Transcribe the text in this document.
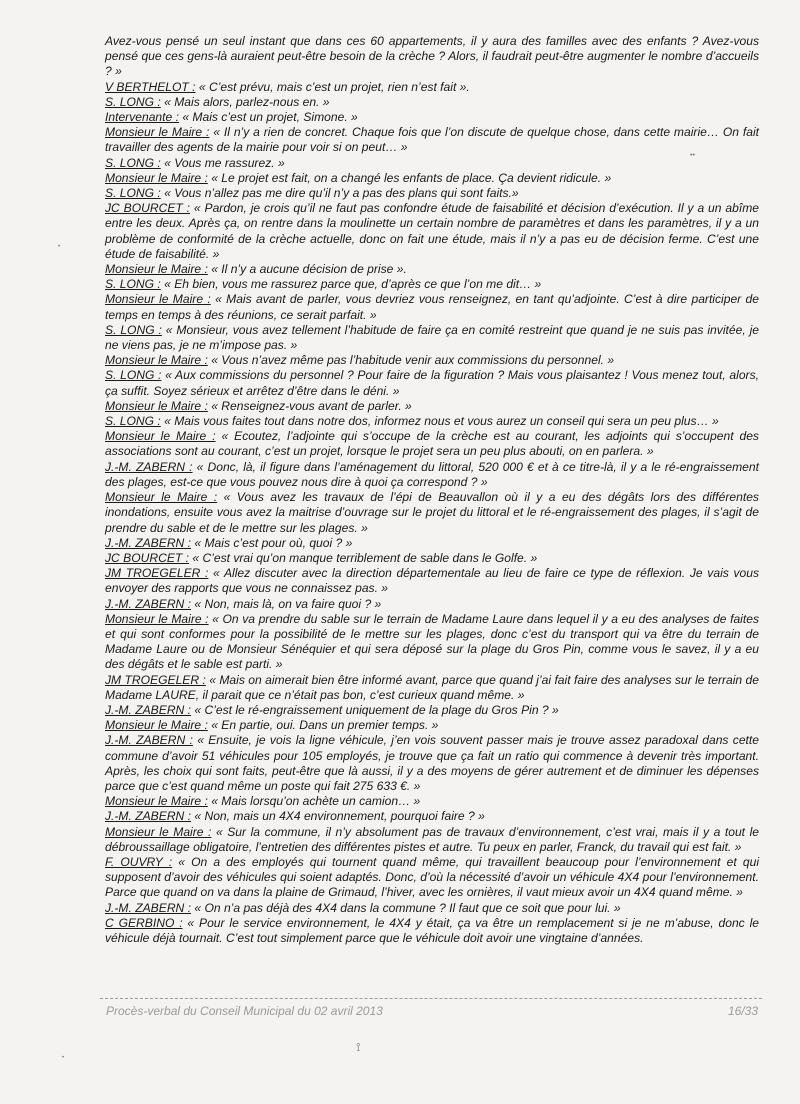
Avez-vous pensé un seul instant que dans ces 60 appartements, il y aura des familles avec des enfants ? Avez-vous pensé que ces gens-là auraient peut-être besoin de la crèche ? Alors, il faudrait peut-être augmenter le nombre d’accueils ? »

V BERTHELOT : « C’est prévu, mais c’est un projet, rien n’est fait ».

S. LONG : « Mais alors, parlez-nous en. »

Intervenante : « Mais c’est un projet, Simone. »

Monsieur le Maire : « Il n’y a rien de concret. Chaque fois que l’on discute de quelque chose, dans cette mairie… On fait travailler des agents de la mairie pour voir si on peut… »

S. LONG : « Vous me rassurez. »

Monsieur le Maire : « Le projet est fait, on a changé les enfants de place. Ça devient ridicule. »

S. LONG : « Vous n’allez pas me dire qu’il n’y a pas des plans qui sont faits.»

JC BOURCET : « Pardon, je crois qu’il ne faut pas confondre étude de faisabilité et décision d’exécution. Il y a un abîme entre les deux. Après ça, on rentre dans la moulinette un certain nombre de paramètres et dans les paramètres, il y a un problème de conformité de la crèche actuelle, donc on fait une étude, mais il n’y a pas eu de décision ferme. C’est une étude de faisabilité. »

Monsieur le Maire : « Il n’y a aucune décision de prise ».

S. LONG : « Eh bien, vous me rassurez parce que, d’après ce que l’on me dit… »

Monsieur le Maire : « Mais avant de parler, vous devriez vous renseignez, en tant qu’adjointe. C’est à dire participer de temps en temps à des réunions, ce serait parfait. »

S. LONG : « Monsieur, vous avez tellement l’habitude de faire ça en comité restreint que quand je ne suis pas invitée, je ne viens pas, je ne m’impose pas. »

Monsieur le Maire : « Vous n’avez même pas l’habitude venir aux commissions du personnel. »

S. LONG : « Aux commissions du personnel ? Pour faire de la figuration ? Mais vous plaisantez ! Vous menez tout, alors, ça suffit. Soyez sérieux et arrêtez d’être dans le déni. »

Monsieur le Maire : « Renseignez-vous avant de parler. »

S. LONG : « Mais vous faites tout dans notre dos, informez nous et vous aurez un conseil qui sera un peu plus… »

Monsieur le Maire : « Ecoutez, l’adjointe qui s’occupe de la crèche est au courant, les adjoints qui s’occupent des associations sont au courant, c’est un projet, lorsque le projet sera un peu plus abouti, on en parlera. »

J.-M. ZABERN : « Donc, là, il figure dans l’aménagement du littoral, 520 000 € et à ce titre-là, il y a le ré-engraissement des plages, est-ce que vous pouvez nous dire à quoi ça correspond ? »

Monsieur le Maire : « Vous avez les travaux de l’épi de Beauvallon où il y a eu des dégâts lors des différentes inondations, ensuite vous avez la maitrise d’ouvrage sur le projet du littoral et le ré-engraissement des plages, il s’agit de prendre du sable et de le mettre sur les plages. »

J.-M. ZABERN : « Mais c’est pour où, quoi ? »

JC BOURCET : « C’est vrai qu’on manque terriblement de sable dans le Golfe. »

JM TROEGELER : « Allez discuter avec la direction départementale au lieu de faire ce type de réflexion. Je vais vous envoyer des rapports que vous ne connaissez pas. »

J.-M. ZABERN : « Non, mais là, on va faire quoi ? »

Monsieur le Maire : « On va prendre du sable sur le terrain de Madame Laure dans lequel il y a eu des analyses de faites et qui sont conformes pour la possibilité de le mettre sur les plages, donc c’est du transport qui va être du terrain de Madame Laure ou de Monsieur Sénéquier et qui sera déposé sur la plage du Gros Pin, comme vous le savez, il y a eu des dégâts et le sable est parti. »

JM TROEGELER : « Mais on aimerait bien être informé avant, parce que quand j’ai fait faire des analyses sur le terrain de Madame LAURE, il parait que ce n’était pas bon, c’est curieux quand même. »

J.-M. ZABERN : « C’est le ré-engraissement uniquement de la plage du Gros Pin ? »

Monsieur le Maire : « En partie, oui. Dans un premier temps. »

J.-M. ZABERN : « Ensuite, je vois la ligne véhicule, j’en vois souvent passer mais je trouve assez paradoxal dans cette commune d’avoir 51 véhicules pour 105 employés, je trouve que ça fait un ratio qui commence à devenir très important. Après, les choix qui sont faits, peut-être que là aussi, il y a des moyens de gérer autrement et de diminuer les dépenses parce que c’est quand même un poste qui fait 275 633 €. »

Monsieur le Maire : « Mais lorsqu’on achète un camion… »

J.-M. ZABERN : « Non, mais un 4X4 environnement, pourquoi faire ? »

Monsieur le Maire : « Sur la commune, il n’y absolument pas de travaux d’environnement, c’est vrai, mais il y a tout le débroussaillage obligatoire, l’entretien des différentes pistes et autre. Tu peux en parler, Franck, du travail qui est fait. »

F. OUVRY : « On a des employés qui tournent quand même, qui travaillent beaucoup pour l’environnement et qui supposent d’avoir des véhicules qui soient adaptés. Donc, d’où la nécessité d’avoir un véhicule 4X4 pour l’environnement. Parce que quand on va dans la plaine de Grimaud, l’hiver, avec les ornières, il vaut mieux avoir un 4X4 quand même. »

J.-M. ZABERN : « On n’a pas déjà des 4X4 dans la commune ? Il faut que ce soit que pour lui. »

C GERBINO : « Pour le service environnement, le 4X4 y était, ça va être un remplacement si je ne m’abuse, donc le véhicule déjà tournait. C’est tout simplement parce que le véhicule doit avoir une vingtaine d’années.

Procès-verbal du Conseil Municipal du 02 avril 2013	16/33
••
•
•
⟟
